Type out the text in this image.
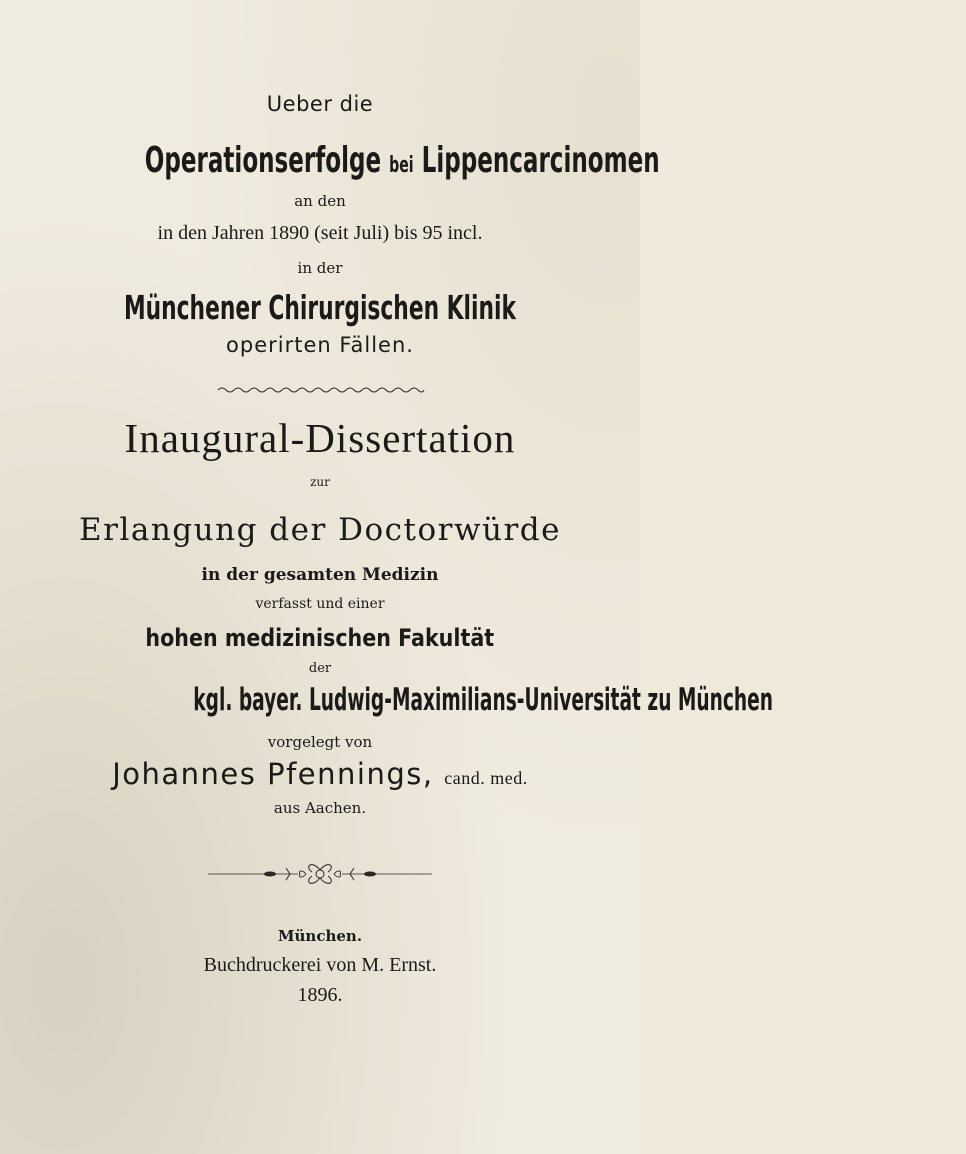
Ueber die

Operationserfolge bei Lippencarcinomen

an den

in den Jahren 1890 (seit Juli) bis 95 incl.

in der

Münchener Chirurgischen Klinik

operirten Fällen.

Inaugural-Dissertation

zur

Erlangung der Doctorwürde

in der gesamten Medizin

verfasst und einer

hohen medizinischen Fakultät

der

kgl. bayer. Ludwig-Maximilians-Universität zu München

vorgelegt von

Johannes Pfennings, cand. med.

aus Aachen.

München.

Buchdruckerei von M. Ernst.

1896.
